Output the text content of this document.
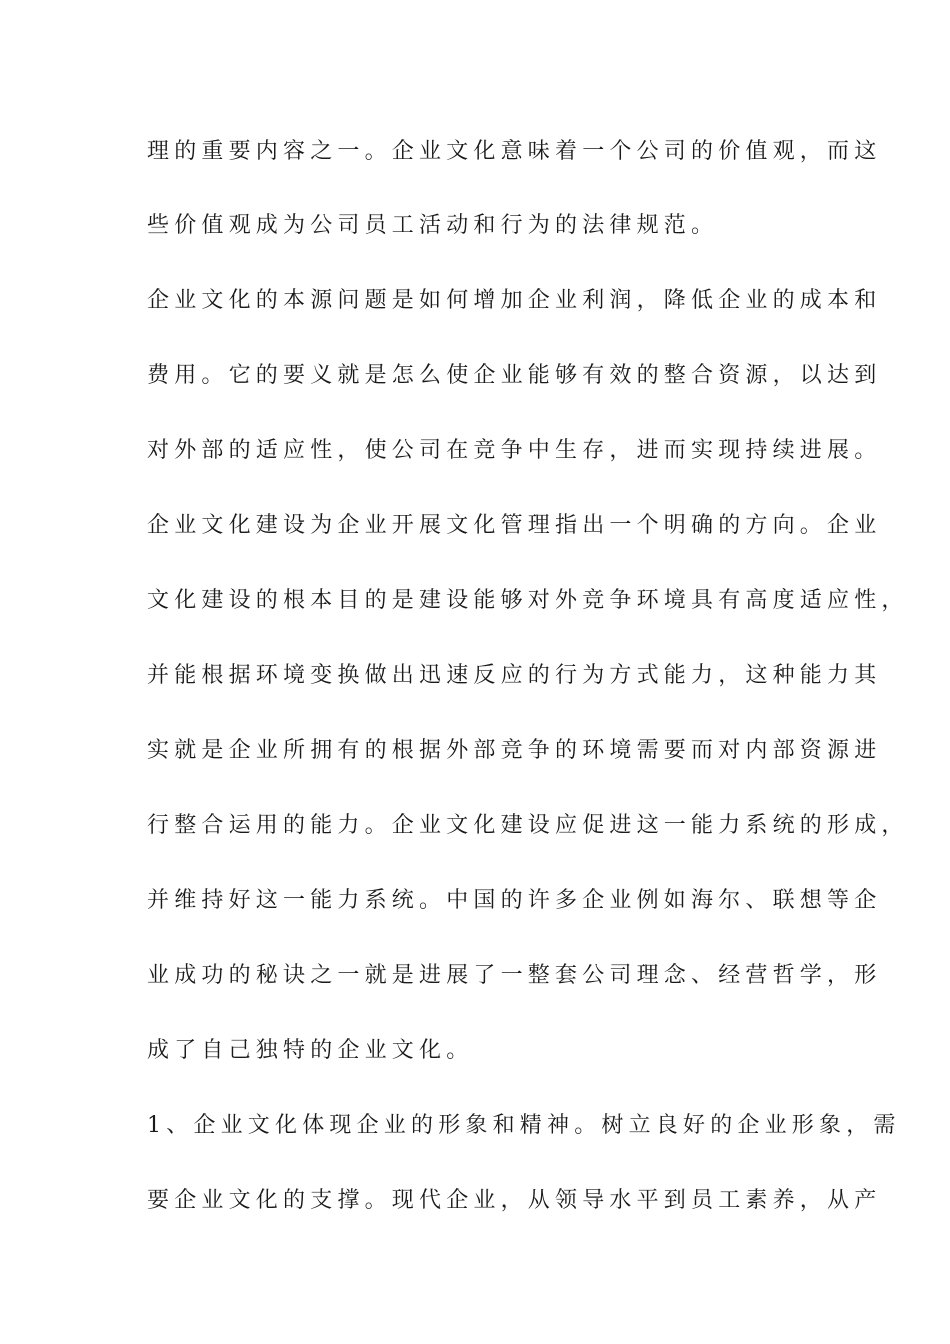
理的重要内容之一。企业文化意味着一个公司的价值观，而这
些价值观成为公司员工活动和行为的法律规范。
企业文化的本源问题是如何增加企业利润，降低企业的成本和
费用。它的要义就是怎么使企业能够有效的整合资源，以达到
对外部的适应性，使公司在竞争中生存，进而实现持续进展。
企业文化建设为企业开展文化管理指出一个明确的方向。企业
文化建设的根本目的是建设能够对外竞争环境具有高度适应性，
并能根据环境变换做出迅速反应的行为方式能力，这种能力其
实就是企业所拥有的根据外部竞争的环境需要而对内部资源进
行整合运用的能力。企业文化建设应促进这一能力系统的形成，
并维持好这一能力系统。中国的许多企业例如海尔、联想等企
业成功的秘诀之一就是进展了一整套公司理念、经营哲学，形
成了自己独特的企业文化。
1、企业文化体现企业的形象和精神。树立良好的企业形象，需
要企业文化的支撑。现代企业，从领导水平到员工素养，从产
